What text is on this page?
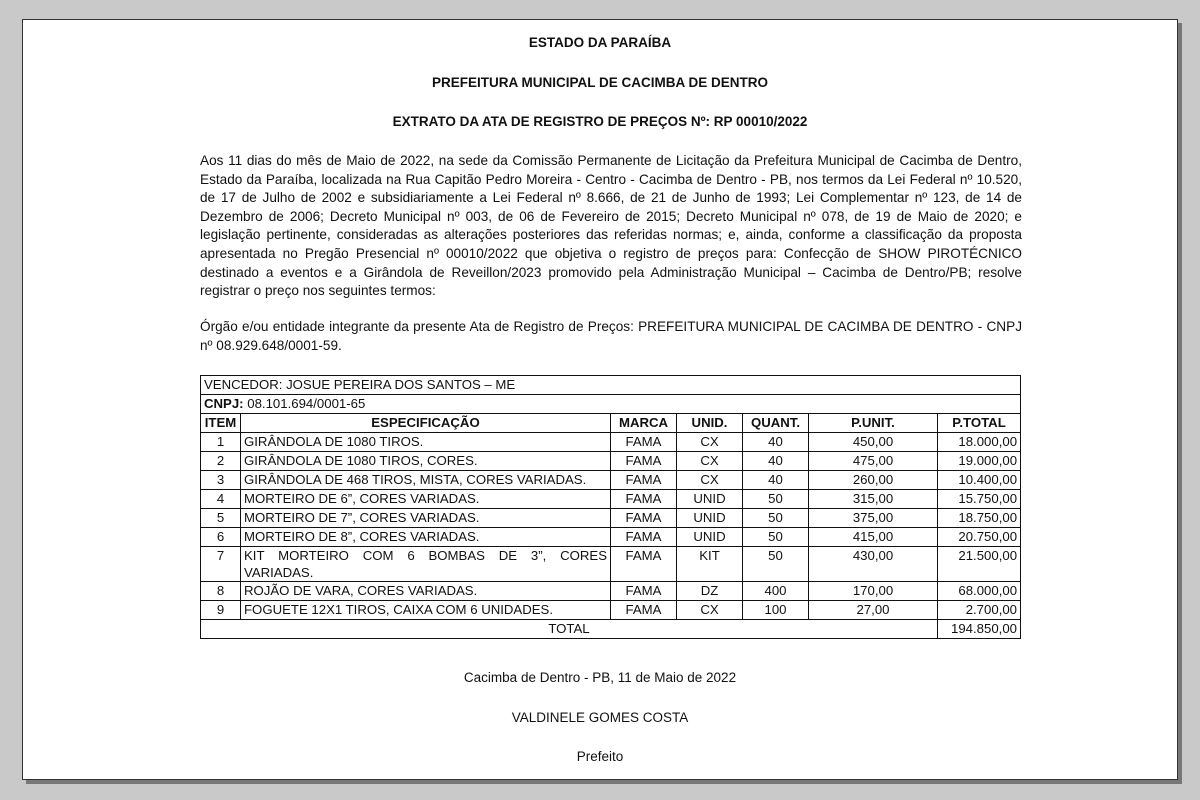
ESTADO DA PARAÍBA
PREFEITURA MUNICIPAL DE CACIMBA DE DENTRO
EXTRATO DA ATA DE REGISTRO DE PREÇOS Nº: RP 00010/2022
Aos 11 dias do mês de Maio de 2022, na sede da Comissão Permanente de Licitação da Prefeitura Municipal de Cacimba de Dentro, Estado da Paraíba, localizada na Rua Capitão Pedro Moreira - Centro - Cacimba de Dentro - PB, nos termos da Lei Federal nº 10.520, de 17 de Julho de 2002 e subsidiariamente a Lei Federal nº 8.666, de 21 de Junho de 1993; Lei Complementar nº 123, de 14 de Dezembro de 2006; Decreto Municipal nº 003, de 06 de Fevereiro de 2015; Decreto Municipal nº 078, de 19 de Maio de 2020; e legislação pertinente, consideradas as alterações posteriores das referidas normas; e, ainda, conforme a classificação da proposta apresentada no Pregão Presencial nº 00010/2022 que objetiva o registro de preços para: Confecção de SHOW PIROTÉCNICO destinado a eventos e a Girândola de Reveillon/2023 promovido pela Administração Municipal – Cacimba de Dentro/PB; resolve registrar o preço nos seguintes termos:
Órgão e/ou entidade integrante da presente Ata de Registro de Preços: PREFEITURA MUNICIPAL DE CACIMBA DE DENTRO - CNPJ nº 08.929.648/0001-59.
VENCEDOR: JOSUE PEREIRA DOS SANTOS – ME						
CNPJ: 08.101.694/0001-65						
ITEM	ESPECIFICAÇÃO	MARCA	UNID.	QUANT.	P.UNIT.	P.TOTAL
1	GIRÂNDOLA DE 1080 TIROS.	FAMA	CX	40	450,00	18.000,00
2	GIRÂNDOLA DE 1080 TIROS, CORES.	FAMA	CX	40	475,00	19.000,00
3	GIRÂNDOLA DE 468 TIROS, MISTA, CORES VARIADAS.	FAMA	CX	40	260,00	10.400,00
4	MORTEIRO DE 6”, CORES VARIADAS.	FAMA	UNID	50	315,00	15.750,00
5	MORTEIRO DE 7”, CORES VARIADAS.	FAMA	UNID	50	375,00	18.750,00
6	MORTEIRO DE 8”, CORES VARIADAS.	FAMA	UNID	50	415,00	20.750,00
7	KIT MORTEIRO COM 6 BOMBAS DE 3”, CORES VARIADAS.	FAMA	KIT	50	430,00	21.500,00
8	ROJÃO DE VARA, CORES VARIADAS.	FAMA	DZ	400	170,00	68.000,00
9	FOGUETE 12X1 TIROS, CAIXA COM 6 UNIDADES.	FAMA	CX	100	27,00	2.700,00
TOTAL						194.850,00
Cacimba de Dentro - PB, 11 de Maio de 2022
VALDINELE GOMES COSTA
Prefeito
